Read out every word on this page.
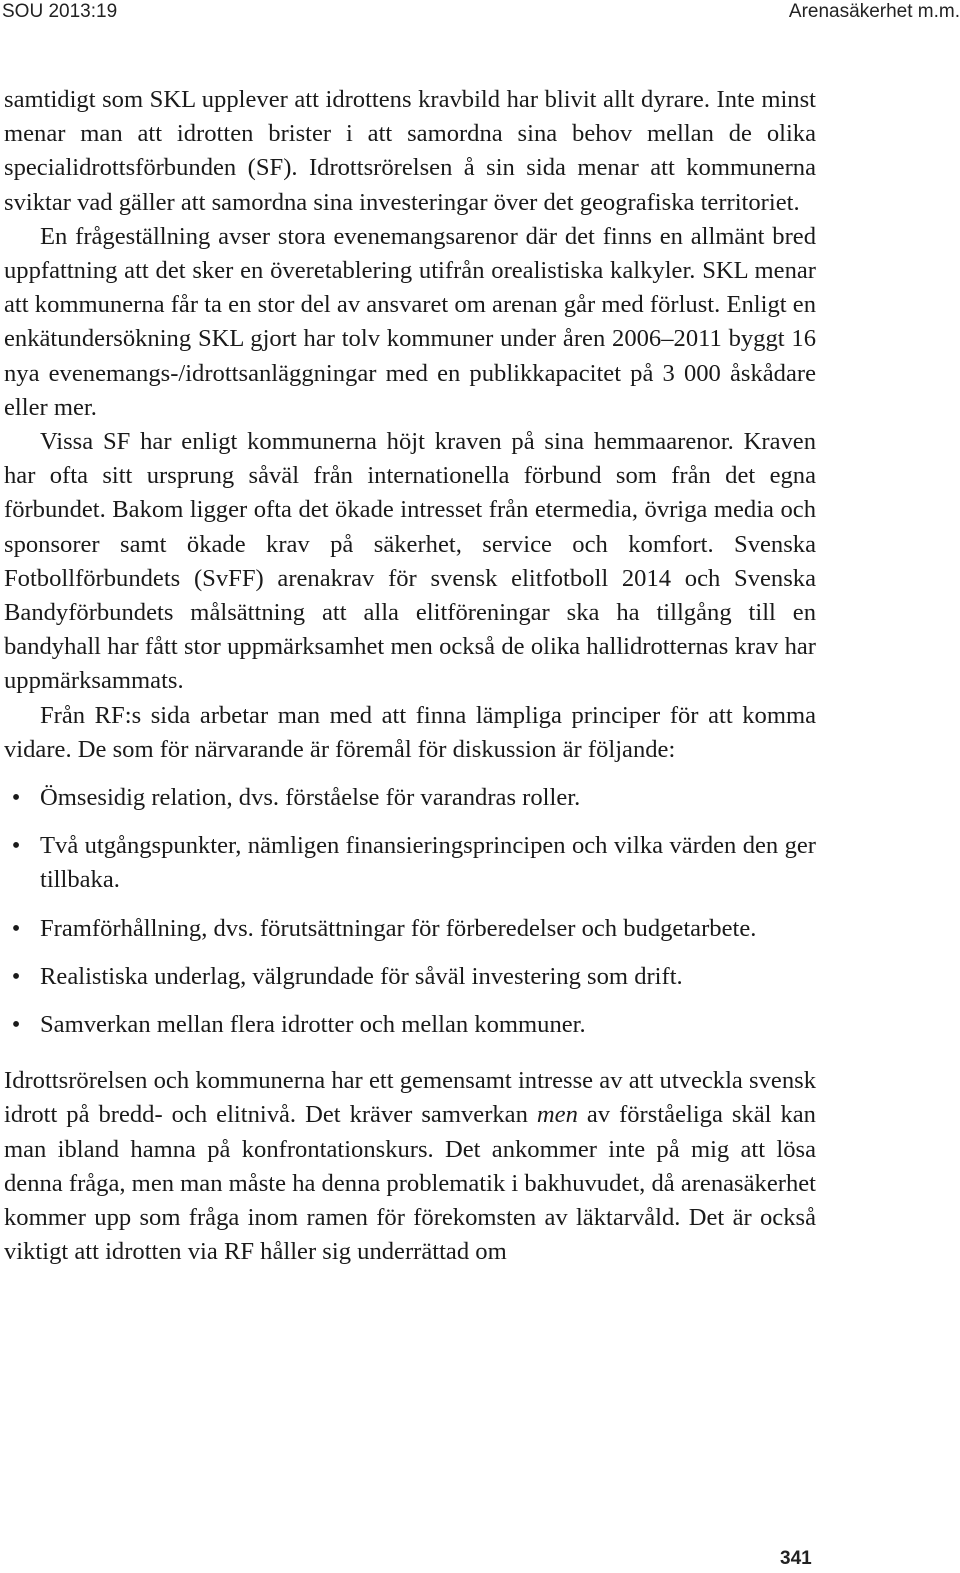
SOU 2013:19	Arenasäkerhet m.m.

samtidigt som SKL upplever att idrottens kravbild har blivit allt dyrare. Inte minst menar man att idrotten brister i att samordna sina behov mellan de olika specialidrottsförbunden (SF). Idrottsrörelsen å sin sida menar att kommunerna sviktar vad gäller att samordna sina investeringar över det geografiska territoriet.

En frågeställning avser stora evenemangsarenor där det finns en allmänt bred uppfattning att det sker en överetablering utifrån orealistiska kalkyler. SKL menar att kommunerna får ta en stor del av ansvaret om arenan går med förlust. Enligt en enkätundersökning SKL gjort har tolv kommuner under åren 2006–2011 byggt 16 nya evenemangs-/idrottsanläggningar med en publikkapacitet på 3 000 åskådare eller mer.

Vissa SF har enligt kommunerna höjt kraven på sina hemmaarenor. Kraven har ofta sitt ursprung såväl från internationella förbund som från det egna förbundet. Bakom ligger ofta det ökade intresset från etermedia, övriga media och sponsorer samt ökade krav på säkerhet, service och komfort. Svenska Fotbollförbundets (SvFF) arenakrav för svensk elitfotboll 2014 och Svenska Bandyförbundets målsättning att alla elitföreningar ska ha tillgång till en bandyhall har fått stor uppmärksamhet men också de olika hallidrotternas krav har uppmärksammats.

Från RF:s sida arbetar man med att finna lämpliga principer för att komma vidare. De som för närvarande är föremål för diskussion är följande:

• Ömsesidig relation, dvs. förståelse för varandras roller.
• Två utgångspunkter, nämligen finansieringsprincipen och vilka värden den ger tillbaka.
• Framförhållning, dvs. förutsättningar för förberedelser och budgetarbete.
• Realistiska underlag, välgrundade för såväl investering som drift.
• Samverkan mellan flera idrotter och mellan kommuner.

Idrottsrörelsen och kommunerna har ett gemensamt intresse av att utveckla svensk idrott på bredd- och elitnivå. Det kräver samverkan men av förståeliga skäl kan man ibland hamna på konfrontationskurs. Det ankommer inte på mig att lösa denna fråga, men man måste ha denna problematik i bakhuvudet, då arenasäkerhet kommer upp som fråga inom ramen för förekomsten av läktarvåld. Det är också viktigt att idrotten via RF håller sig underrättad om

341
